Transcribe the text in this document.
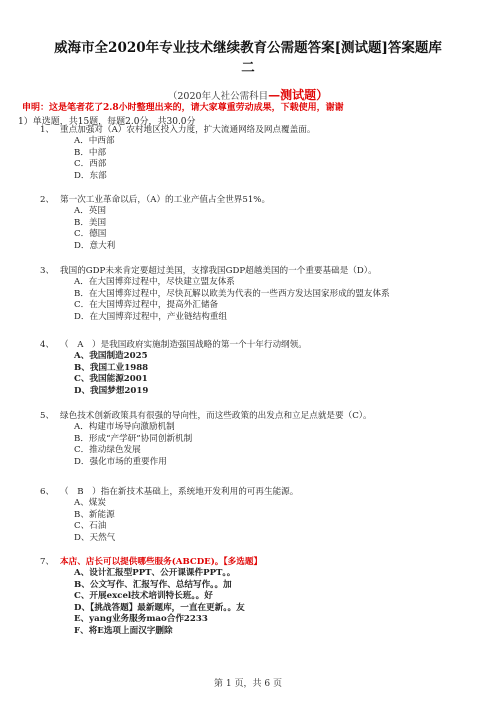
威海市全2020年专业技术继续教育公需题答案[测试题]答案题库
二
（2020年人社公需科目—测试题）
申明：这是笔者花了2.8小时整理出来的，请大家尊重劳动成果，下载使用，谢谢
1）单选题，共15题，每题2.0分，共30.0分
1、 重点加强对（A）农村地区投入力度，扩大流通网络及网点覆盖面。
A．中西部
B．中部
C．西部
D．东部
2、 第一次工业革命以后，（A）的工业产值占全世界51%。
A．英国
B．美国
C．德国
D．意大利
3、 我国的GDP未来肯定要超过美国，支撑我国GDP超越美国的一个重要基础是（D）。
A．在大国博弈过程中，尽快建立盟友体系
B．在大国博弈过程中，尽快瓦解以欧美为代表的一些西方发达国家形成的盟友体系
C．在大国博弈过程中，提高外汇储备
D．在大国博弈过程中，产业链结构重组
4、 （　A　）是我国政府实施制造强国战略的第一个十年行动纲领。
A、我国制造2025
B、我国工业1988
C、我国能源2001
D、我国梦想2019
5、 绿色技术创新政策具有很强的导向性，而这些政策的出发点和立足点就是要（C）。
A．构建市场导向激励机制
B．形成“产学研”协同创新机制
C．推动绿色发展
D．强化市场的重要作用
6、 （　B　）指在新技术基础上，系统地开发利用的可再生能源。
A、煤炭
B、新能源
C、石油
D、天然气
7、 本店、店长可以提供哪些服务(ABCDE)。【多选题】
A、设计汇报型PPT、公开课课件PPT。。
B、公文写作、汇报写作、总结写作。。加
C、开展excel技术培训特长班。。好
D、【挑战答题】最新题库，一直在更新。。友
E、yang业务服务mao合作2233
F、将E选项上面汉字删除
第 1 页，共 6 页
